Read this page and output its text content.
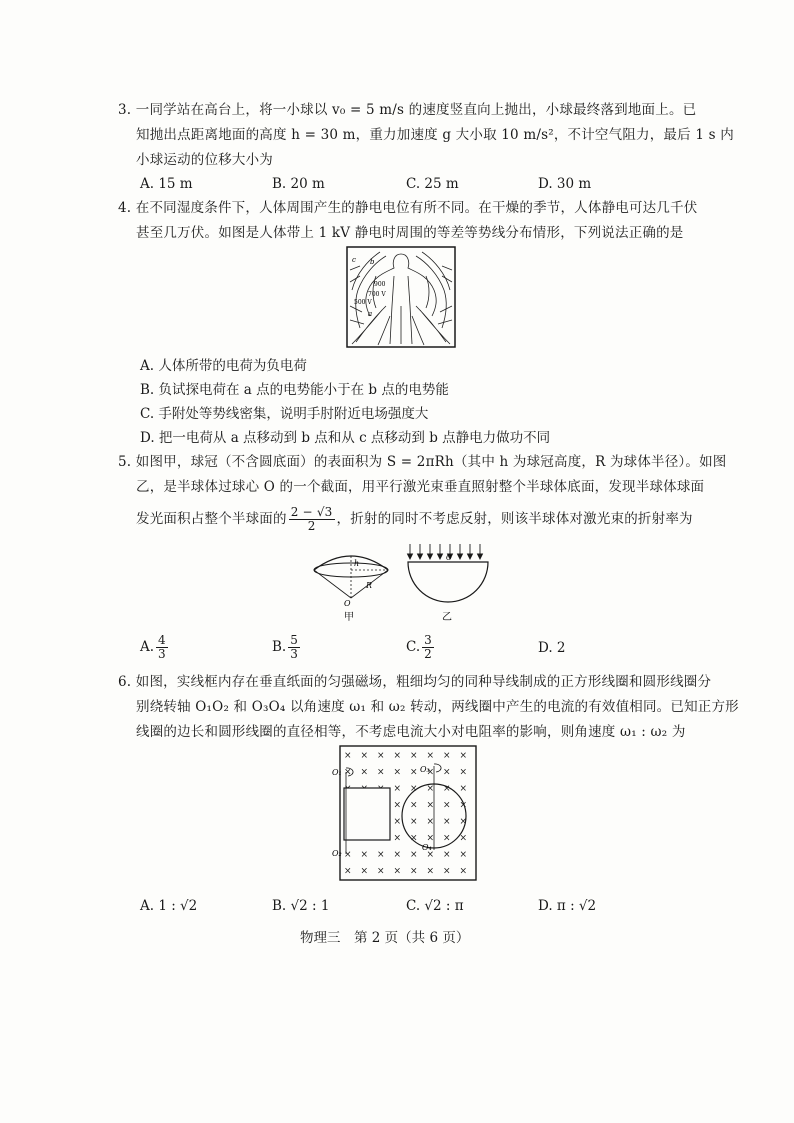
3. 一同学站在高台上，将一小球以 v₀ = 5 m/s 的速度竖直向上抛出，小球最终落到地面上。已
知抛出点距离地面的高度 h = 30 m，重力加速度 g 大小取 10 m/s²，不计空气阻力，最后 1 s 内
小球运动的位移大小为
A. 15 m	B. 20 m	C. 25 m	D. 30 m
4. 在不同湿度条件下，人体周围产生的静电电位有所不同。在干燥的季节，人体静电可达几千伏
甚至几万伏。如图是人体带上 1 kV 静电时周围的等差等势线分布情形，下列说法正确的是
c b
900
700 V
500 V
a
A. 人体所带的电荷为负电荷
B. 负试探电荷在 a 点的电势能小于在 b 点的电势能
C. 手附处等势线密集，说明手肘附近电场强度大
D. 把一电荷从 a 点移动到 b 点和从 c 点移动到 b 点静电力做功不同
5. 如图甲，球冠（不含圆底面）的表面积为 S = 2πRh（其中 h 为球冠高度，R 为球体半径）。如图
乙，是半球体过球心 O 的一个截面，用平行激光束垂直照射整个半球体底面，发现半球体球面
发光面积占整个半球面的 $\frac{2 - √3}{2}$ ，折射的同时不考虑反射，则该半球体对激光束的折射率为
h
R
O
甲
O
乙
A. $\frac{4}{3}$	B. $\frac{5}{3}$	C. $\frac{3}{2}$	D. 2
6. 如图，实线框内存在垂直纸面的匀强磁场，粗细均匀的同种导线制成的正方形线圈和圆形线圈分
别绕转轴 O₁O₂ 和 O₃O₄ 以角速度 ω₁ 和 ω₂ 转动，两线圈中产生的电流的有效值相同。已知正方形
线圈的边长和圆形线圈的直径相等，不考虑电流大小对电阻率的影响，则角速度 ω₁ : ω₂ 为
× × × × × × × ×
× × × × × × × ×
× × × × ×
× × × × ×
× × × × ×
× × × × ×
× × × × × × × ×
× × × × × × × ×
O₁
O₂
O₃
O₄
A. 1 : √2	B. √2 : 1	C. √2 : π	D. π : √2
物理三　第 2 页（共 6 页）
